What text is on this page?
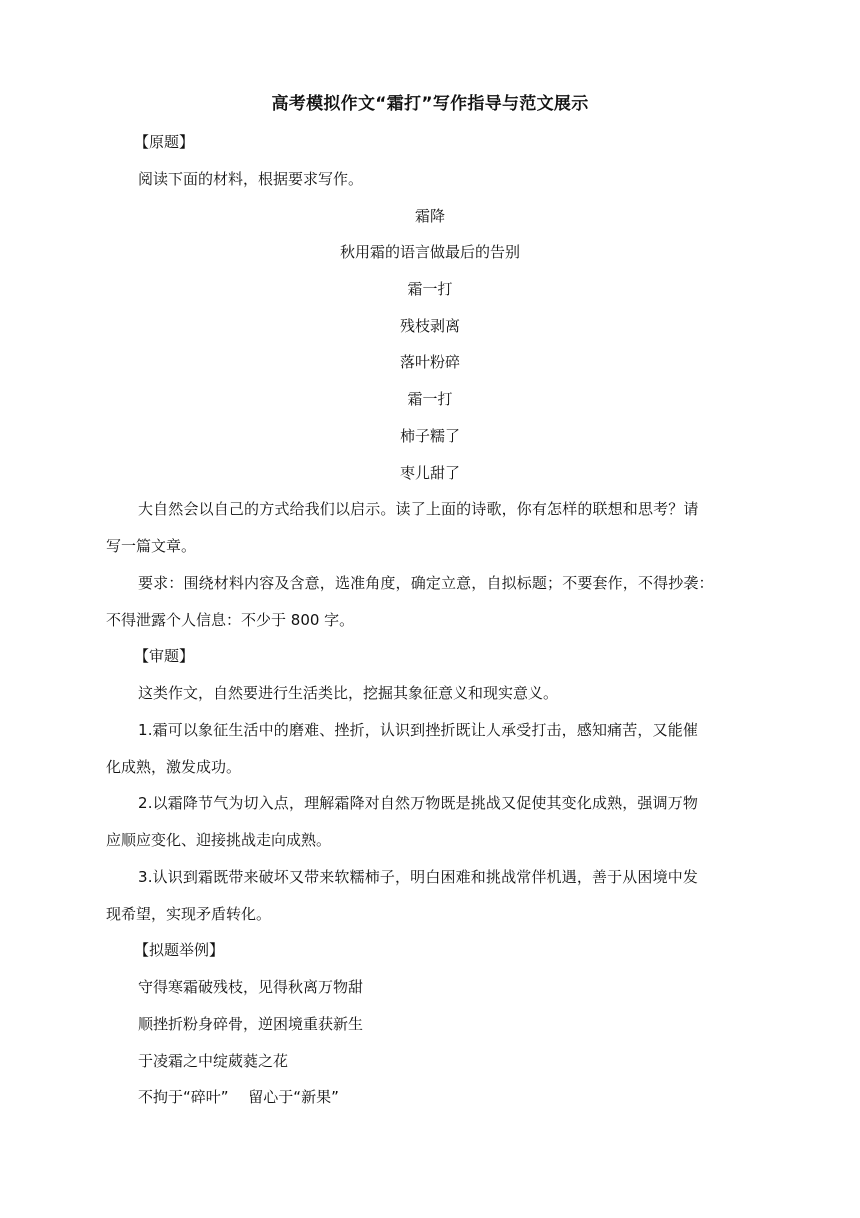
高考模拟作文“霜打”写作指导与范文展示
【原题】
阅读下面的材料，根据要求写作。
霜降
秋用霜的语言做最后的告别
霜一打
残枝剥离
落叶粉碎
霜一打
柿子糯了
枣儿甜了
大自然会以自己的方式给我们以启示。读了上面的诗歌，你有怎样的联想和思考？请
写一篇文章。
要求：围绕材料内容及含意，选准角度，确定立意，自拟标题；不要套作，不得抄袭：
不得泄露个人信息：不少于 800 字。
【审题】
这类作文，自然要进行生活类比，挖掘其象征意义和现实意义。
1.霜可以象征生活中的磨难、挫折，认识到挫折既让人承受打击，感知痛苦，又能催
化成熟，激发成功。
2.以霜降节气为切入点，理解霜降对自然万物既是挑战又促使其变化成熟，强调万物
应顺应变化、迎接挑战走向成熟。
3.认识到霜既带来破坏又带来软糯柿子，明白困难和挑战常伴机遇，善于从困境中发
现希望，实现矛盾转化。
【拟题举例】
守得寒霜破残枝，见得秋离万物甜
顺挫折粉身碎骨，逆困境重获新生
于凌霜之中绽葳蕤之花
不拘于“碎叶”　 留心于“新果”
